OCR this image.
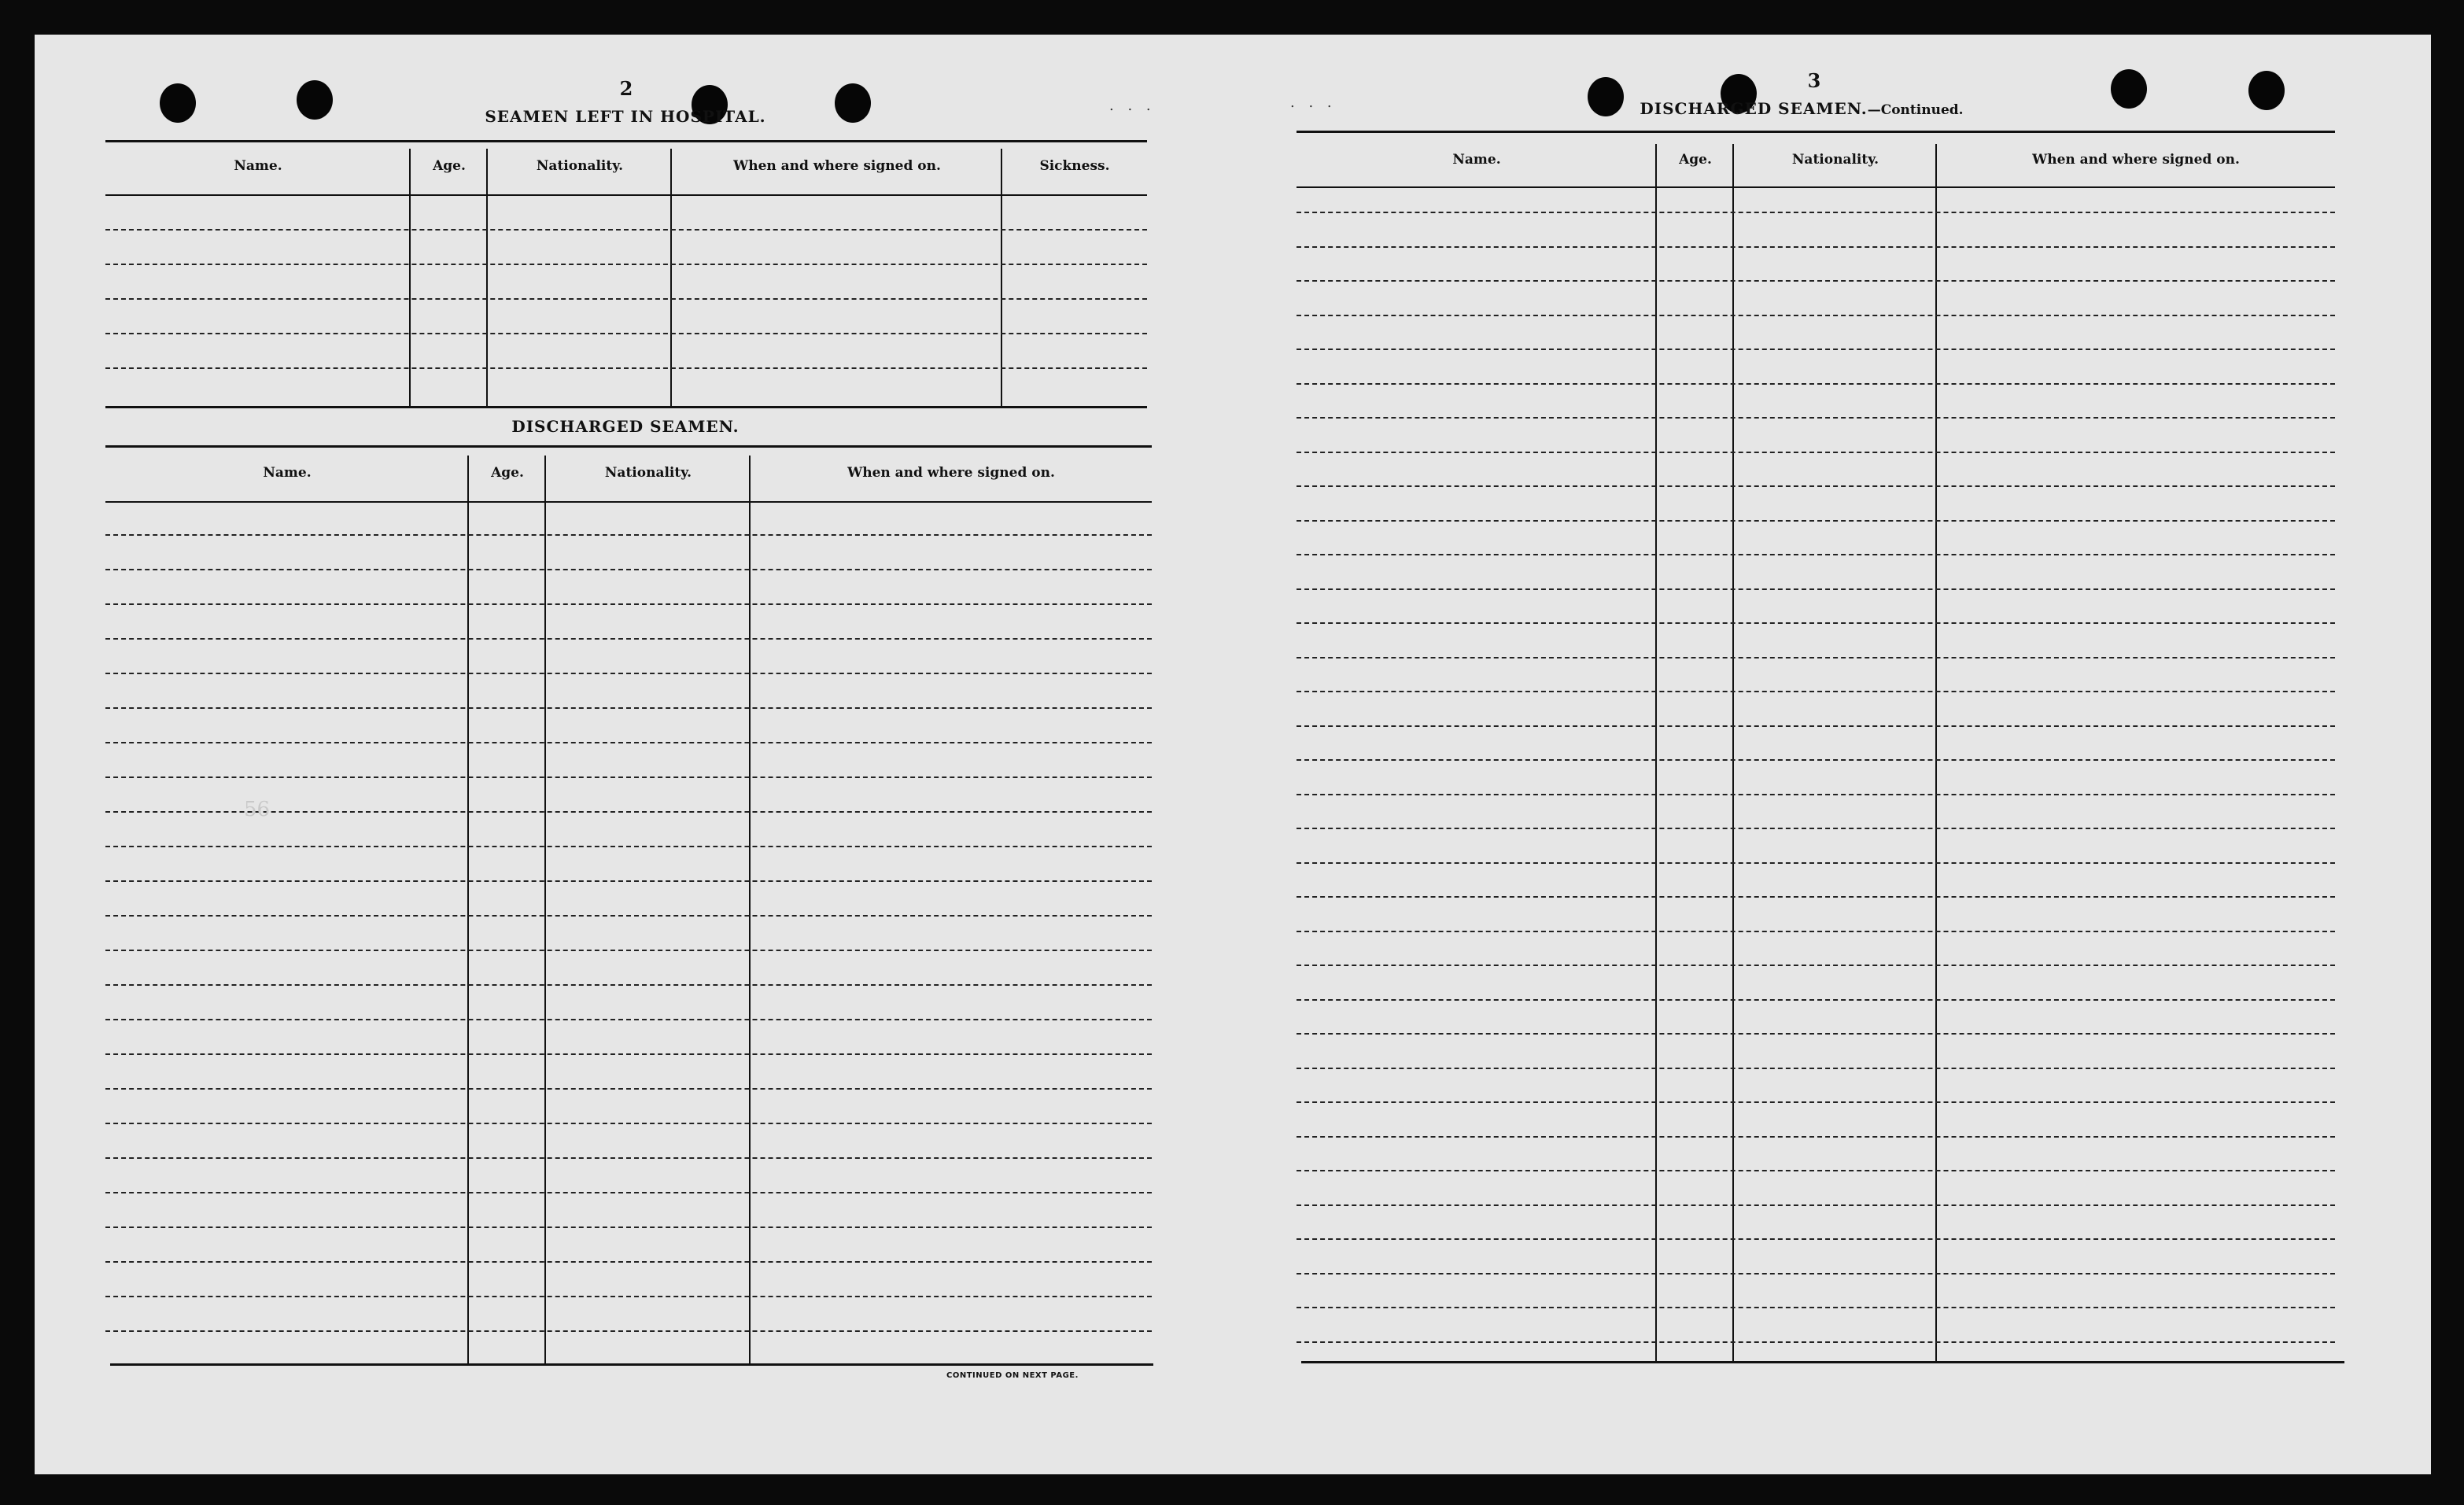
. . .	. . .
2
SEAMEN LEFT IN HOSPITAL.
Name.	Age.	Nationality.	When and where signed on.	Sickness.
DISCHARGED SEAMEN.
Name.	Age.	Nationality.	When and where signed on.
CONTINUED ON NEXT PAGE.
56
3
DISCHARGED SEAMEN.—Continued.
Name.	Age.	Nationality.	When and where signed on.
